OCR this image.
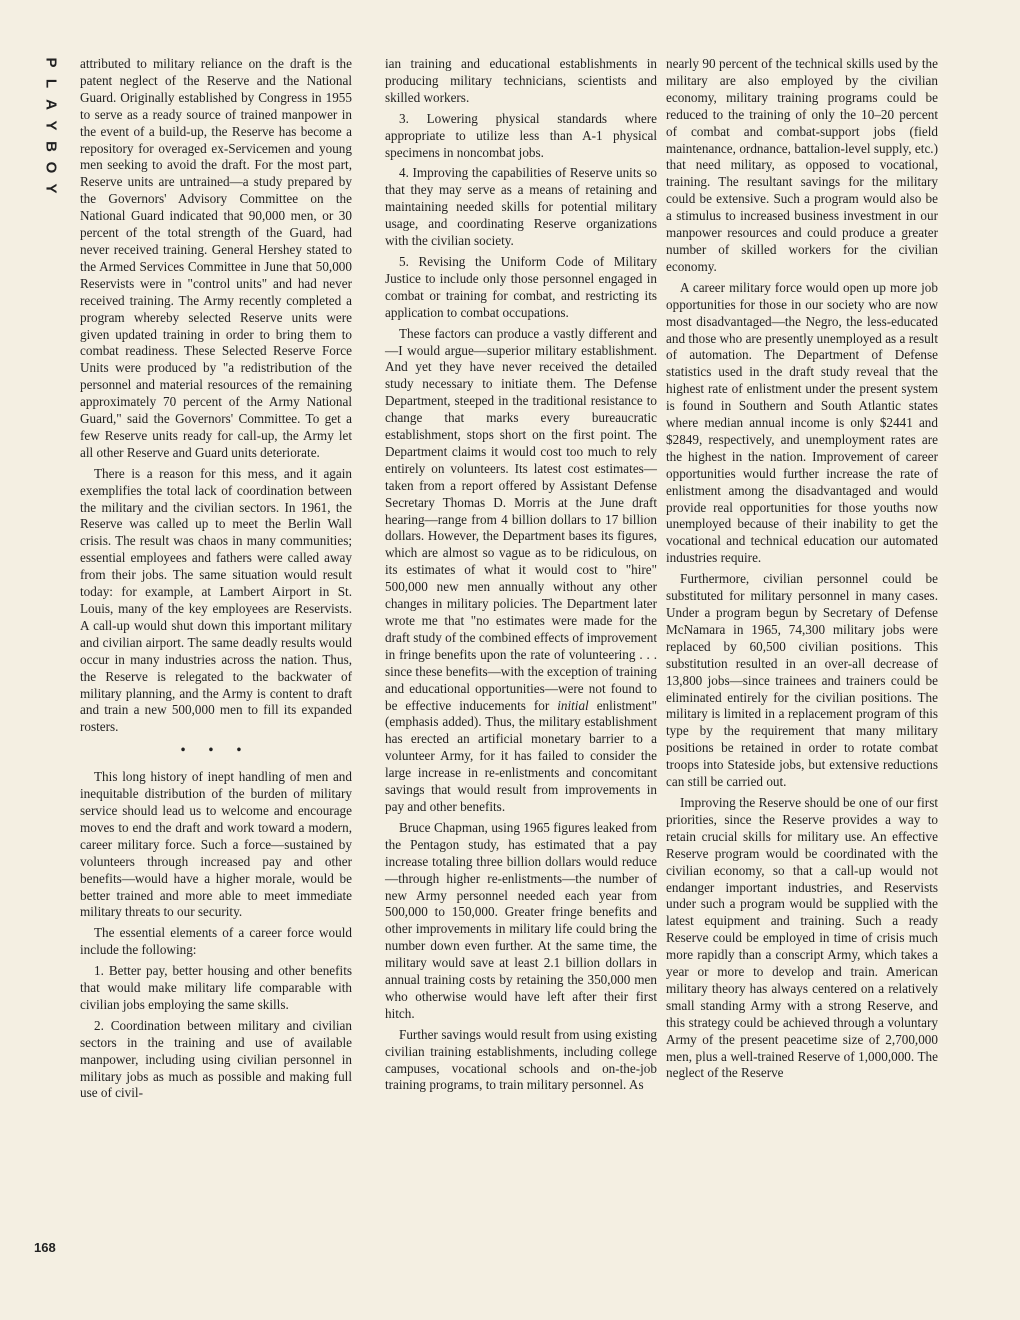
P
L
A
Y
B
O
Y
168

attributed to military reliance on the draft is the patent neglect of the Reserve and the National Guard. Originally established by Congress in 1955 to serve as a ready source of trained manpower in the event of a build-up, the Reserve has become a repository for overaged ex-Servicemen and young men seeking to avoid the draft. For the most part, Reserve units are untrained—a study prepared by the Governors' Advisory Committee on the National Guard indicated that 90,000 men, or 30 percent of the total strength of the Guard, had never received training. General Hershey stated to the Armed Services Committee in June that 50,000 Reservists were in "control units" and had never received training. The Army recently completed a program whereby selected Reserve units were given updated training in order to bring them to combat readiness. These Selected Reserve Force Units were produced by "a redistribution of the personnel and material resources of the remaining approximately 70 percent of the Army National Guard," said the Governors' Committee. To get a few Reserve units ready for call-up, the Army let all other Reserve and Guard units deteriorate.

There is a reason for this mess, and it again exemplifies the total lack of coordination between the military and the civilian sectors. In 1961, the Reserve was called up to meet the Berlin Wall crisis. The result was chaos in many communities; essential employees and fathers were called away from their jobs. The same situation would result today: for example, at Lambert Airport in St. Louis, many of the key employees are Reservists. A call-up would shut down this important military and civilian airport. The same deadly results would occur in many industries across the nation. Thus, the Reserve is relegated to the backwater of military planning, and the Army is content to draft and train a new 500,000 men to fill its expanded rosters.

• • •

This long history of inept handling of men and inequitable distribution of the burden of military service should lead us to welcome and encourage moves to end the draft and work toward a modern, career military force. Such a force—sustained by volunteers through increased pay and other benefits—would have a higher morale, would be better trained and more able to meet immediate military threats to our security.

The essential elements of a career force would include the following:

1. Better pay, better housing and other benefits that would make military life comparable with civilian jobs employing the same skills.

2. Coordination between military and civilian sectors in the training and use of available manpower, including using civilian personnel in military jobs as much as possible and making full use of civil-

ian training and educational establishments in producing military technicians, scientists and skilled workers.

3. Lowering physical standards where appropriate to utilize less than A-1 physical specimens in noncombat jobs.

4. Improving the capabilities of Reserve units so that they may serve as a means of retaining and maintaining needed skills for potential military usage, and coordinating Reserve organizations with the civilian society.

5. Revising the Uniform Code of Military Justice to include only those personnel engaged in combat or training for combat, and restricting its application to combat occupations.

These factors can produce a vastly different and—I would argue—superior military establishment. And yet they have never received the detailed study necessary to initiate them. The Defense Department, steeped in the traditional resistance to change that marks every bureaucratic establishment, stops short on the first point. The Department claims it would cost too much to rely entirely on volunteers. Its latest cost estimates—taken from a report offered by Assistant Defense Secretary Thomas D. Morris at the June draft hearing—range from 4 billion dollars to 17 billion dollars. However, the Department bases its figures, which are almost so vague as to be ridiculous, on its estimates of what it would cost to "hire" 500,000 new men annually without any other changes in military policies. The Department later wrote me that "no estimates were made for the draft study of the combined effects of improvement in fringe benefits upon the rate of volunteering . . . since these benefits—with the exception of training and educational opportunities—were not found to be effective inducements for initial enlistment" (emphasis added). Thus, the military establishment has erected an artificial monetary barrier to a volunteer Army, for it has failed to consider the large increase in re-enlistments and concomitant savings that would result from improvements in pay and other benefits.

Bruce Chapman, using 1965 figures leaked from the Pentagon study, has estimated that a pay increase totaling three billion dollars would reduce—through higher re-enlistments—the number of new Army personnel needed each year from 500,000 to 150,000. Greater fringe benefits and other improvements in military life could bring the number down even further. At the same time, the military would save at least 2.1 billion dollars in annual training costs by retaining the 350,000 men who otherwise would have left after their first hitch.

Further savings would result from using existing civilian training establishments, including college campuses, vocational schools and on-the-job training programs, to train military personnel. As

nearly 90 percent of the technical skills used by the military are also employed by the civilian economy, military training programs could be reduced to the training of only the 10–20 percent of combat and combat-support jobs (field maintenance, ordnance, battalion-level supply, etc.) that need military, as opposed to vocational, training. The resultant savings for the military could be extensive. Such a program would also be a stimulus to increased business investment in our manpower resources and could produce a greater number of skilled workers for the civilian economy.

A career military force would open up more job opportunities for those in our society who are now most disadvantaged—the Negro, the less-educated and those who are presently unemployed as a result of automation. The Department of Defense statistics used in the draft study reveal that the highest rate of enlistment under the present system is found in Southern and South Atlantic states where median annual income is only $2441 and $2849, respectively, and unemployment rates are the highest in the nation. Improvement of career opportunities would further increase the rate of enlistment among the disadvantaged and would provide real opportunities for those youths now unemployed because of their inability to get the vocational and technical education our automated industries require.

Furthermore, civilian personnel could be substituted for military personnel in many cases. Under a program begun by Secretary of Defense McNamara in 1965, 74,300 military jobs were replaced by 60,500 civilian positions. This substitution resulted in an over-all decrease of 13,800 jobs—since trainees and trainers could be eliminated entirely for the civilian positions. The military is limited in a replacement program of this type by the requirement that many military positions be retained in order to rotate combat troops into Stateside jobs, but extensive reductions can still be carried out.

Improving the Reserve should be one of our first priorities, since the Reserve provides a way to retain crucial skills for military use. An effective Reserve program would be coordinated with the civilian economy, so that a call-up would not endanger important industries, and Reservists under such a program would be supplied with the latest equipment and training. Such a ready Reserve could be employed in time of crisis much more rapidly than a conscript Army, which takes a year or more to develop and train. American military theory has always centered on a relatively small standing Army with a strong Reserve, and this strategy could be achieved through a voluntary Army of the present peacetime size of 2,700,000 men, plus a well-trained Reserve of 1,000,000. The neglect of the Reserve
